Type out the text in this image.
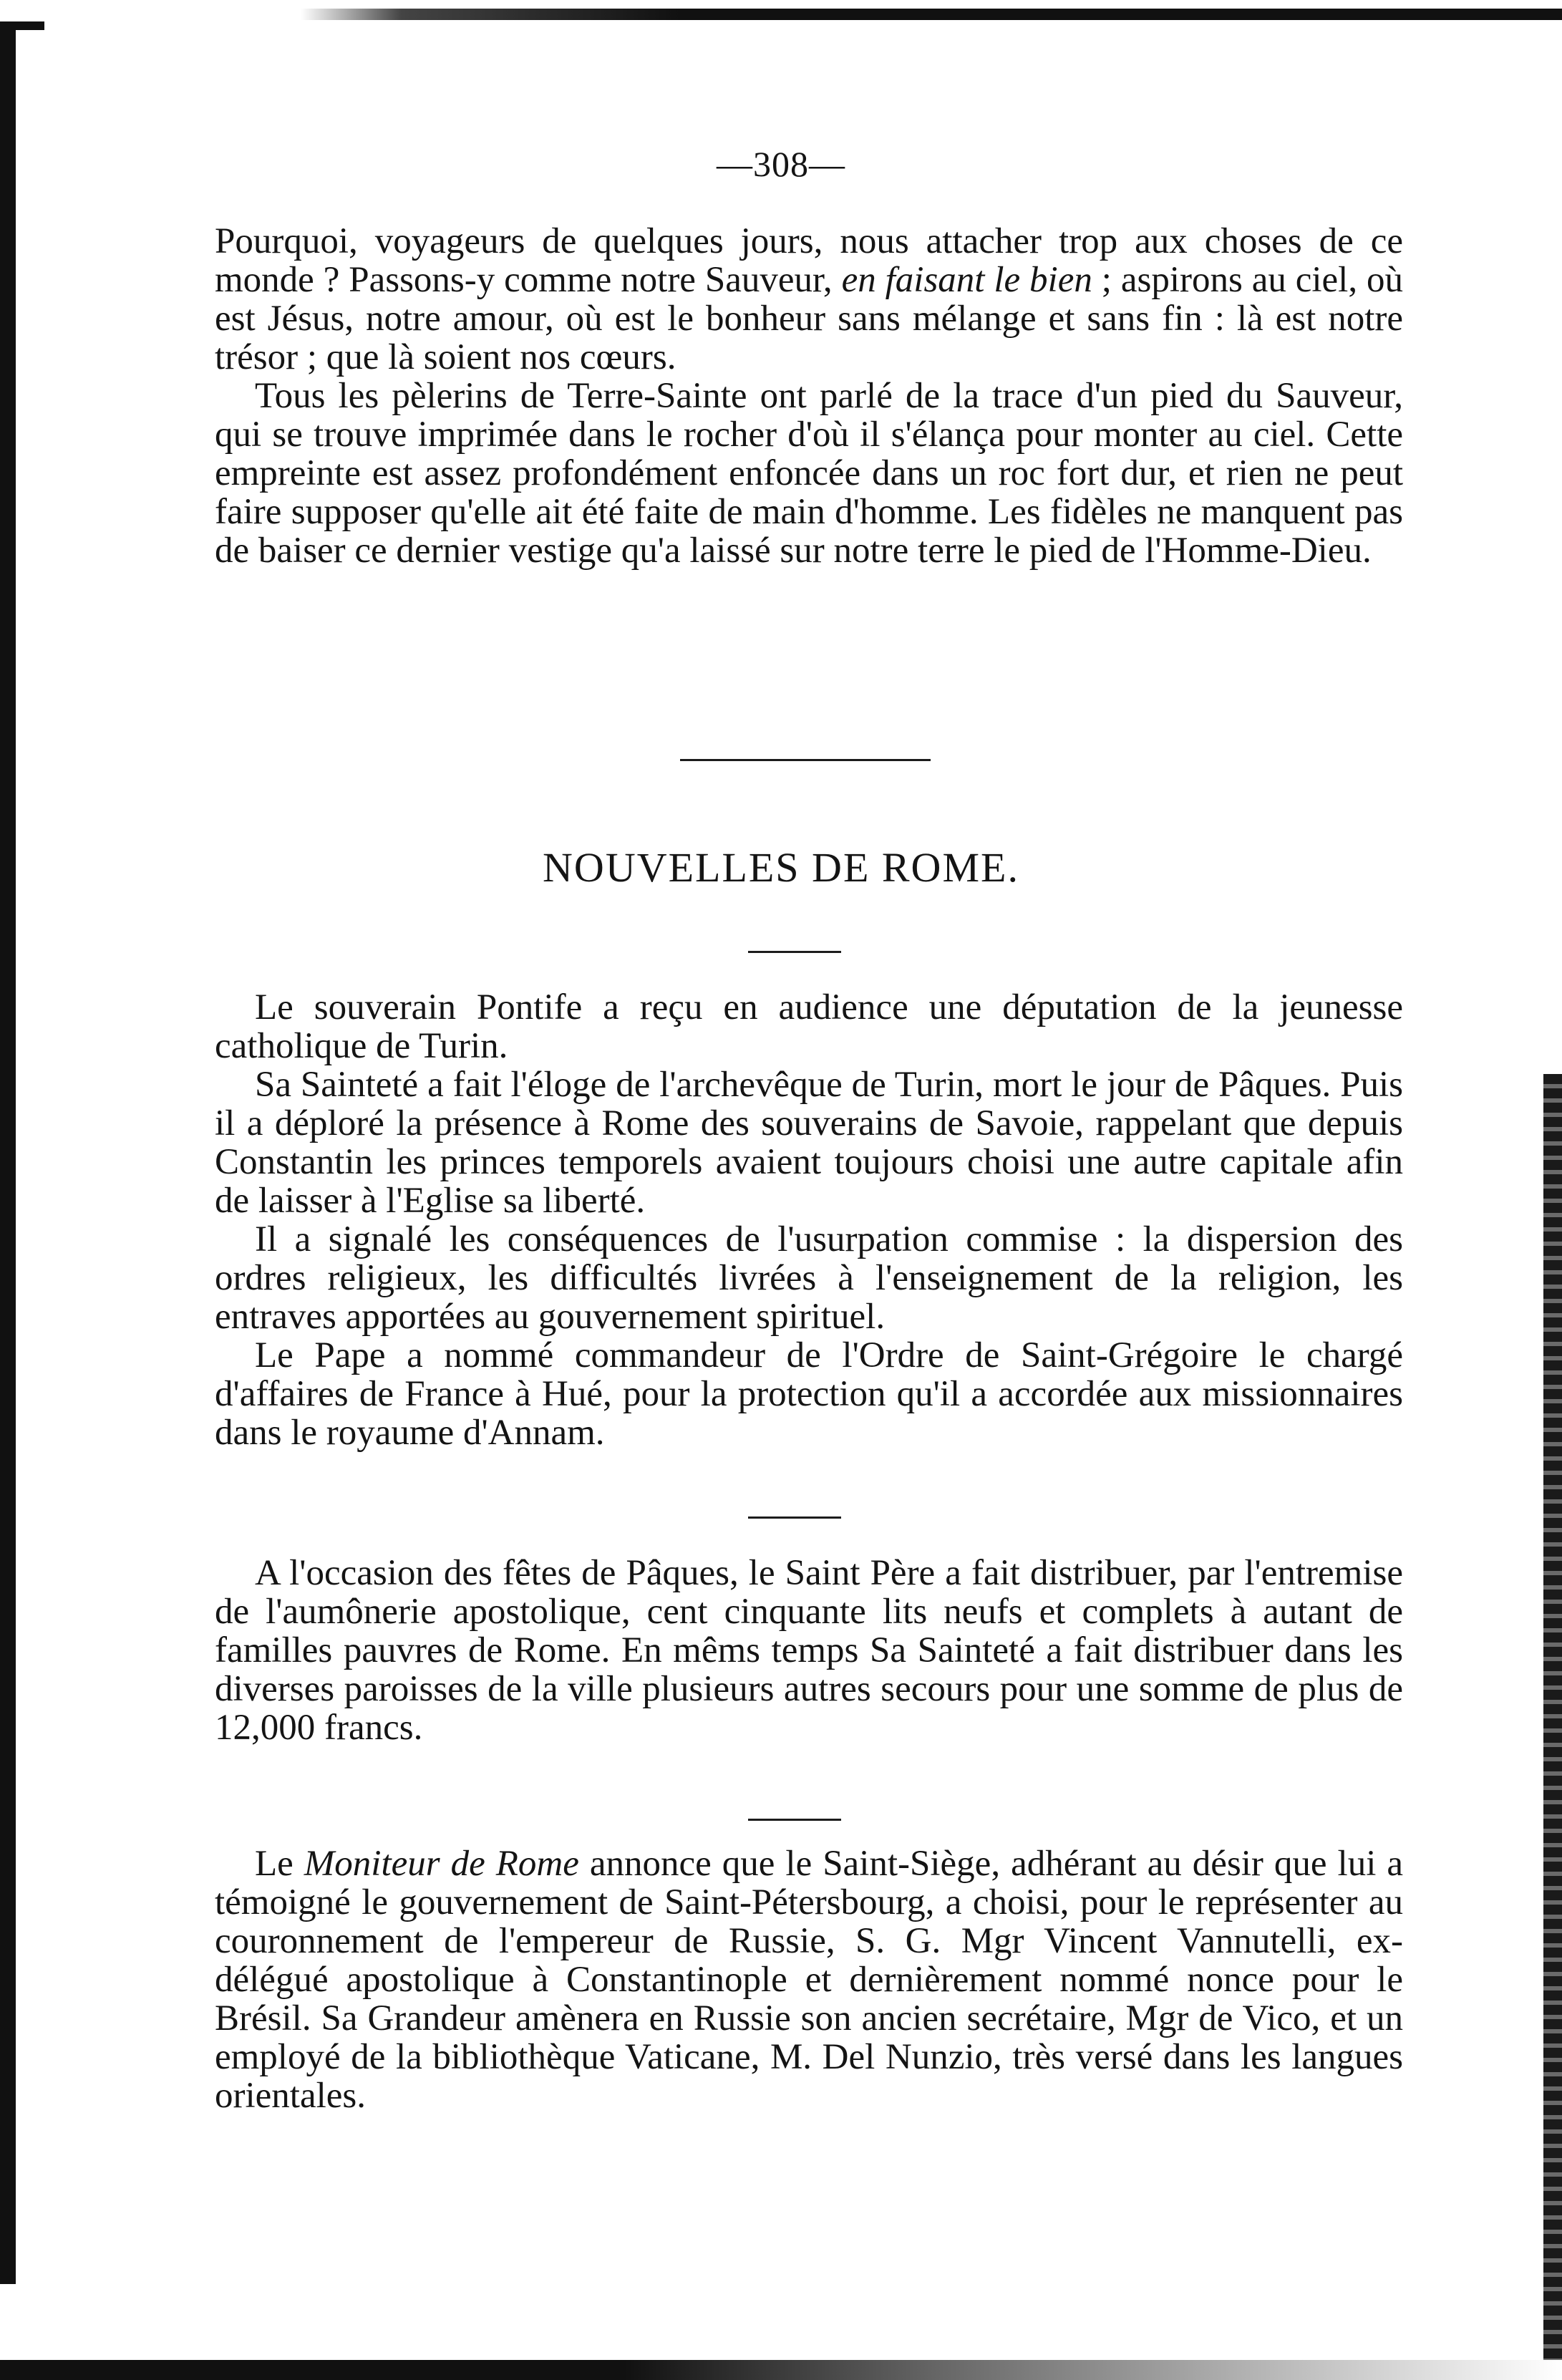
—308—

Pourquoi, voyageurs de quelques jours, nous attacher trop aux choses de ce monde ? Passons-y comme notre Sauveur, en faisant le bien ; aspirons au ciel, où est Jésus, notre amour, où est le bonheur sans mélange et sans fin : là est notre trésor ; que là soient nos cœurs.

Tous les pèlerins de Terre-Sainte ont parlé de la trace d'un pied du Sauveur, qui se trouve imprimée dans le rocher d'où il s'élança pour monter au ciel. Cette empreinte est assez profondément enfoncée dans un roc fort dur, et rien ne peut faire supposer qu'elle ait été faite de main d'homme. Les fidèles ne manquent pas de baiser ce dernier vestige qu'a laissé sur notre terre le pied de l'Homme-Dieu.

NOUVELLES DE ROME.

Le souverain Pontife a reçu en audience une députation de la jeunesse catholique de Turin.

Sa Sainteté a fait l'éloge de l'archevêque de Turin, mort le jour de Pâques. Puis il a déploré la présence à Rome des souverains de Savoie, rappelant que depuis Constantin les princes temporels avaient toujours choisi une autre capitale afin de laisser à l'Eglise sa liberté.

Il a signalé les conséquences de l'usurpation commise : la dispersion des ordres religieux, les difficultés livrées à l'enseignement de la religion, les entraves apportées au gouvernement spirituel.

Le Pape a nommé commandeur de l'Ordre de Saint-Grégoire le chargé d'affaires de France à Hué, pour la protection qu'il a accordée aux missionnaires dans le royaume d'Annam.

A l'occasion des fêtes de Pâques, le Saint Père a fait distribuer, par l'entremise de l'aumônerie apostolique, cent cinquante lits neufs et complets à autant de familles pauvres de Rome. En mêms temps Sa Sainteté a fait distribuer dans les diverses paroisses de la ville plusieurs autres secours pour une somme de plus de 12,000 francs.

Le Moniteur de Rome annonce que le Saint-Siège, adhérant au désir que lui a témoigné le gouvernement de Saint-Pétersbourg, a choisi, pour le représenter au couronnement de l'empereur de Russie, S. G. Mgr Vincent Vannutelli, ex-délégué apostolique à Constantinople et dernièrement nommé nonce pour le Brésil. Sa Grandeur amènera en Russie son ancien secrétaire, Mgr de Vico, et un employé de la bibliothèque Vaticane, M. Del Nunzio, très versé dans les langues orientales.
